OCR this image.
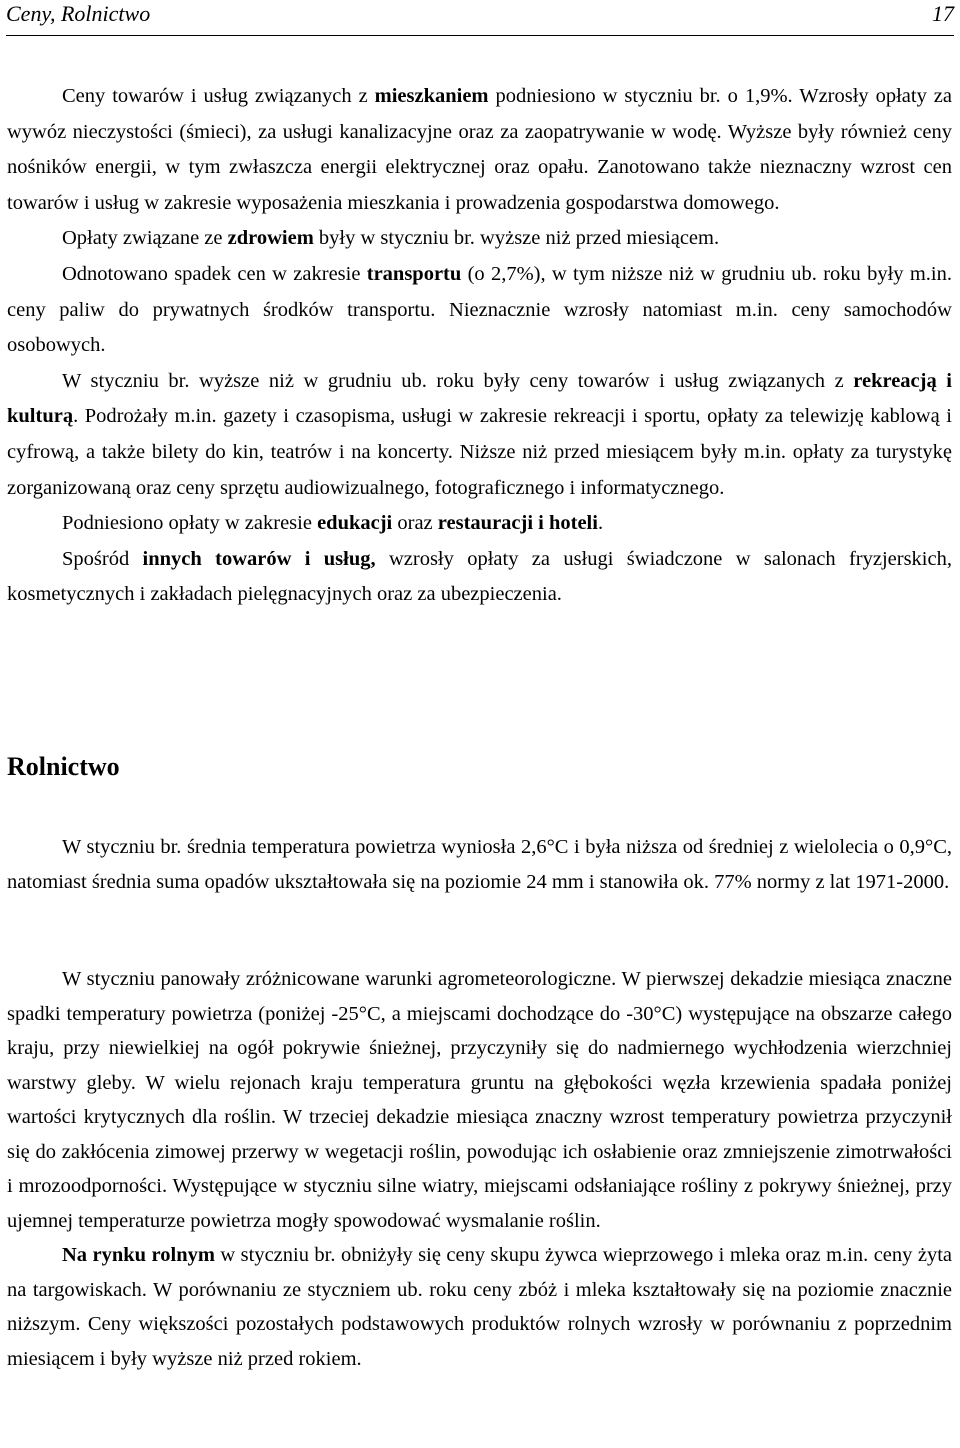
Ceny, Rolnictwo	17

Ceny towarów i usług związanych z mieszkaniem podniesiono w styczniu br. o 1,9%. Wzrosły opłaty za wywóz nieczystości (śmieci), za usługi kanalizacyjne oraz za zaopatrywanie w wodę. Wyższe były również ceny nośników energii, w tym zwłaszcza energii elektrycznej oraz opału. Zanotowano także nieznaczny wzrost cen towarów i usług w zakresie wyposażenia mieszkania i prowadzenia gospodarstwa domowego.

Opłaty związane ze zdrowiem były w styczniu br. wyższe niż przed miesiącem.

Odnotowano spadek cen w zakresie transportu (o 2,7%), w tym niższe niż w grudniu ub. roku były m.in. ceny paliw do prywatnych środków transportu. Nieznacznie wzrosły natomiast m.in. ceny samochodów osobowych.

W styczniu br. wyższe niż w grudniu ub. roku były ceny towarów i usług związanych z rekreacją i kulturą. Podrożały m.in. gazety i czasopisma, usługi w zakresie rekreacji i sportu, opłaty za telewizję kablową i cyfrową, a także bilety do kin, teatrów i na koncerty. Niższe niż przed miesiącem były m.in. opłaty za turystykę zorganizowaną oraz ceny sprzętu audiowizualnego, fotograficznego i informatycznego.

Podniesiono opłaty w zakresie edukacji oraz restauracji i hoteli.

Spośród innych towarów i usług, wzrosły opłaty za usługi świadczone w salonach fryzjerskich, kosmetycznych i zakładach pielęgnacyjnych oraz za ubezpieczenia.

Rolnictwo

W styczniu br. średnia temperatura powietrza wyniosła 2,6°C i była niższa od średniej z wielolecia o 0,9°C, natomiast średnia suma opadów ukształtowała się na poziomie 24 mm i stanowiła ok. 77% normy z lat 1971-2000.

W styczniu panowały zróżnicowane warunki agrometeorologiczne. W pierwszej dekadzie miesiąca znaczne spadki temperatury powietrza (poniżej -25°C, a miejscami dochodzące do -30°C) występujące na obszarze całego kraju, przy niewielkiej na ogół pokrywie śnieżnej, przyczyniły się do nadmiernego wychłodzenia wierzchniej warstwy gleby. W wielu rejonach kraju temperatura gruntu na głębokości węzła krzewienia spadała poniżej wartości krytycznych dla roślin. W trzeciej dekadzie miesiąca znaczny wzrost temperatury powietrza przyczynił się do zakłócenia zimowej przerwy w wegetacji roślin, powodując ich osłabienie oraz zmniejszenie zimotrwałości i mrozoodporności. Występujące w styczniu silne wiatry, miejscami odsłaniające rośliny z pokrywy śnieżnej, przy ujemnej temperaturze powietrza mogły spowodować wysmalanie roślin.

Na rynku rolnym w styczniu br. obniżyły się ceny skupu żywca wieprzowego i mleka oraz m.in. ceny żyta na targowiskach. W porównaniu ze styczniem ub. roku ceny zbóż i mleka kształtowały się na poziomie znacznie niższym. Ceny większości pozostałych podstawowych produktów rolnych wzrosły w porównaniu z poprzednim miesiącem i były wyższe niż przed rokiem.
